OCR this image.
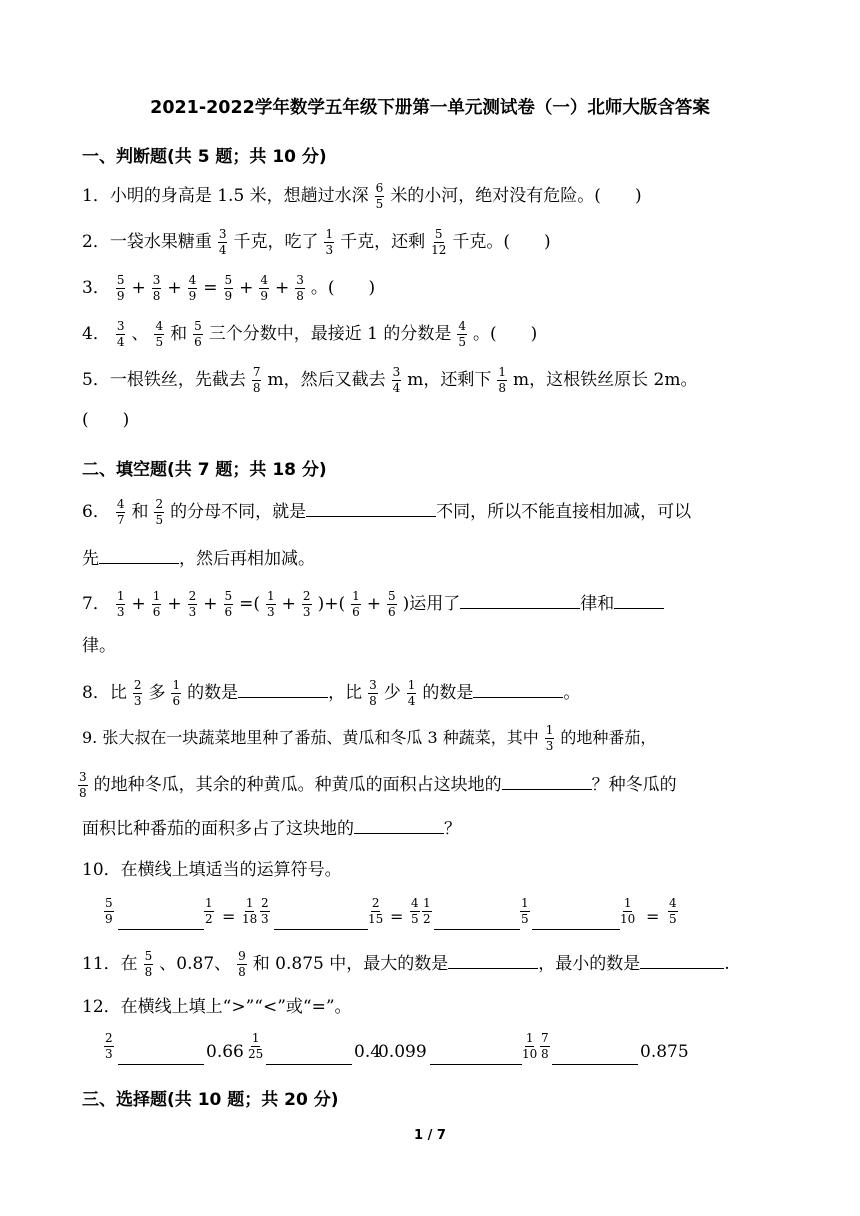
2021-2022学年数学五年级下册第一单元测试卷（一）北师大版含答案
一、判断题(共 5 题；共 10 分)
1．小明的身高是 1.5 米，想趟过水深 $\frac{6}{5}$ 米的小河，绝对没有危险。(　　)
2．一袋水果糖重 $\frac{3}{4}$ 千克，吃了 $\frac{1}{3}$ 千克，还剩 $\frac{5}{12}$ 千克。(　　)
3． $\frac{5}{9} + \frac{3}{8} + \frac{4}{9} = \frac{5}{9} + \frac{4}{9} + \frac{3}{8}$ 。(　　)
4． $\frac{3}{4}$ 、 $\frac{4}{5}$ 和 $\frac{5}{6}$ 三个分数中，最接近 1 的分数是 $\frac{4}{5}$ 。(　　)
5．一根铁丝，先截去 $\frac{7}{8}$ m，然后又截去 $\frac{3}{4}$ m，还剩下 $\frac{1}{8}$ m，这根铁丝原长 2m。
(　　)
二、填空题(共 7 题；共 18 分)
6． $\frac{4}{7}$ 和 $\frac{2}{5}$ 的分母不同，就是	不同，所以不能直接相加减，可以
先	，然后再相加减。
7． $\frac{1}{3} + \frac{1}{6} + \frac{2}{3} + \frac{5}{6}$ =( $\frac{1}{3} + \frac{2}{3}$ )+( $\frac{1}{6} + \frac{5}{6}$ )运用了	律和
律。
8．比 $\frac{2}{3}$ 多 $\frac{1}{6}$ 的数是	，比 $\frac{3}{8}$ 少 $\frac{1}{4}$ 的数是	。
9. 张大叔在一块蔬菜地里种了番茄、黄瓜和冬瓜 3 种蔬菜，其中 $\frac{1}{3}$ 的地种番茄，
$\frac{3}{8}$ 的地种冬瓜，其余的种黄瓜。种黄瓜的面积占这块地的	？种冬瓜的
面积比种番茄的面积多占了这块地的	？
10．在横线上填适当的运算符号。
$\frac{5}{9}$	$\frac{1}{2} = \frac{1}{18} \frac{2}{3}$	$\frac{2}{15} = \frac{4}{5} \frac{1}{2}$	$\frac{1}{5}$	$\frac{1}{10} = \frac{4}{5}$
11．在 $\frac{5}{8}$ 、0.87、 $\frac{9}{8}$ 和 0.875 中，最大的数是	，最小的数是	.
12．在横线上填上“>”“<”或“=”。
$\frac{2}{3}$	$0.66 \frac{1}{25}$	0.4
0.099	$\frac{1}{10} \frac{7}{8}$	0.875
三、选择题(共 10 题；共 20 分)
1 / 7
